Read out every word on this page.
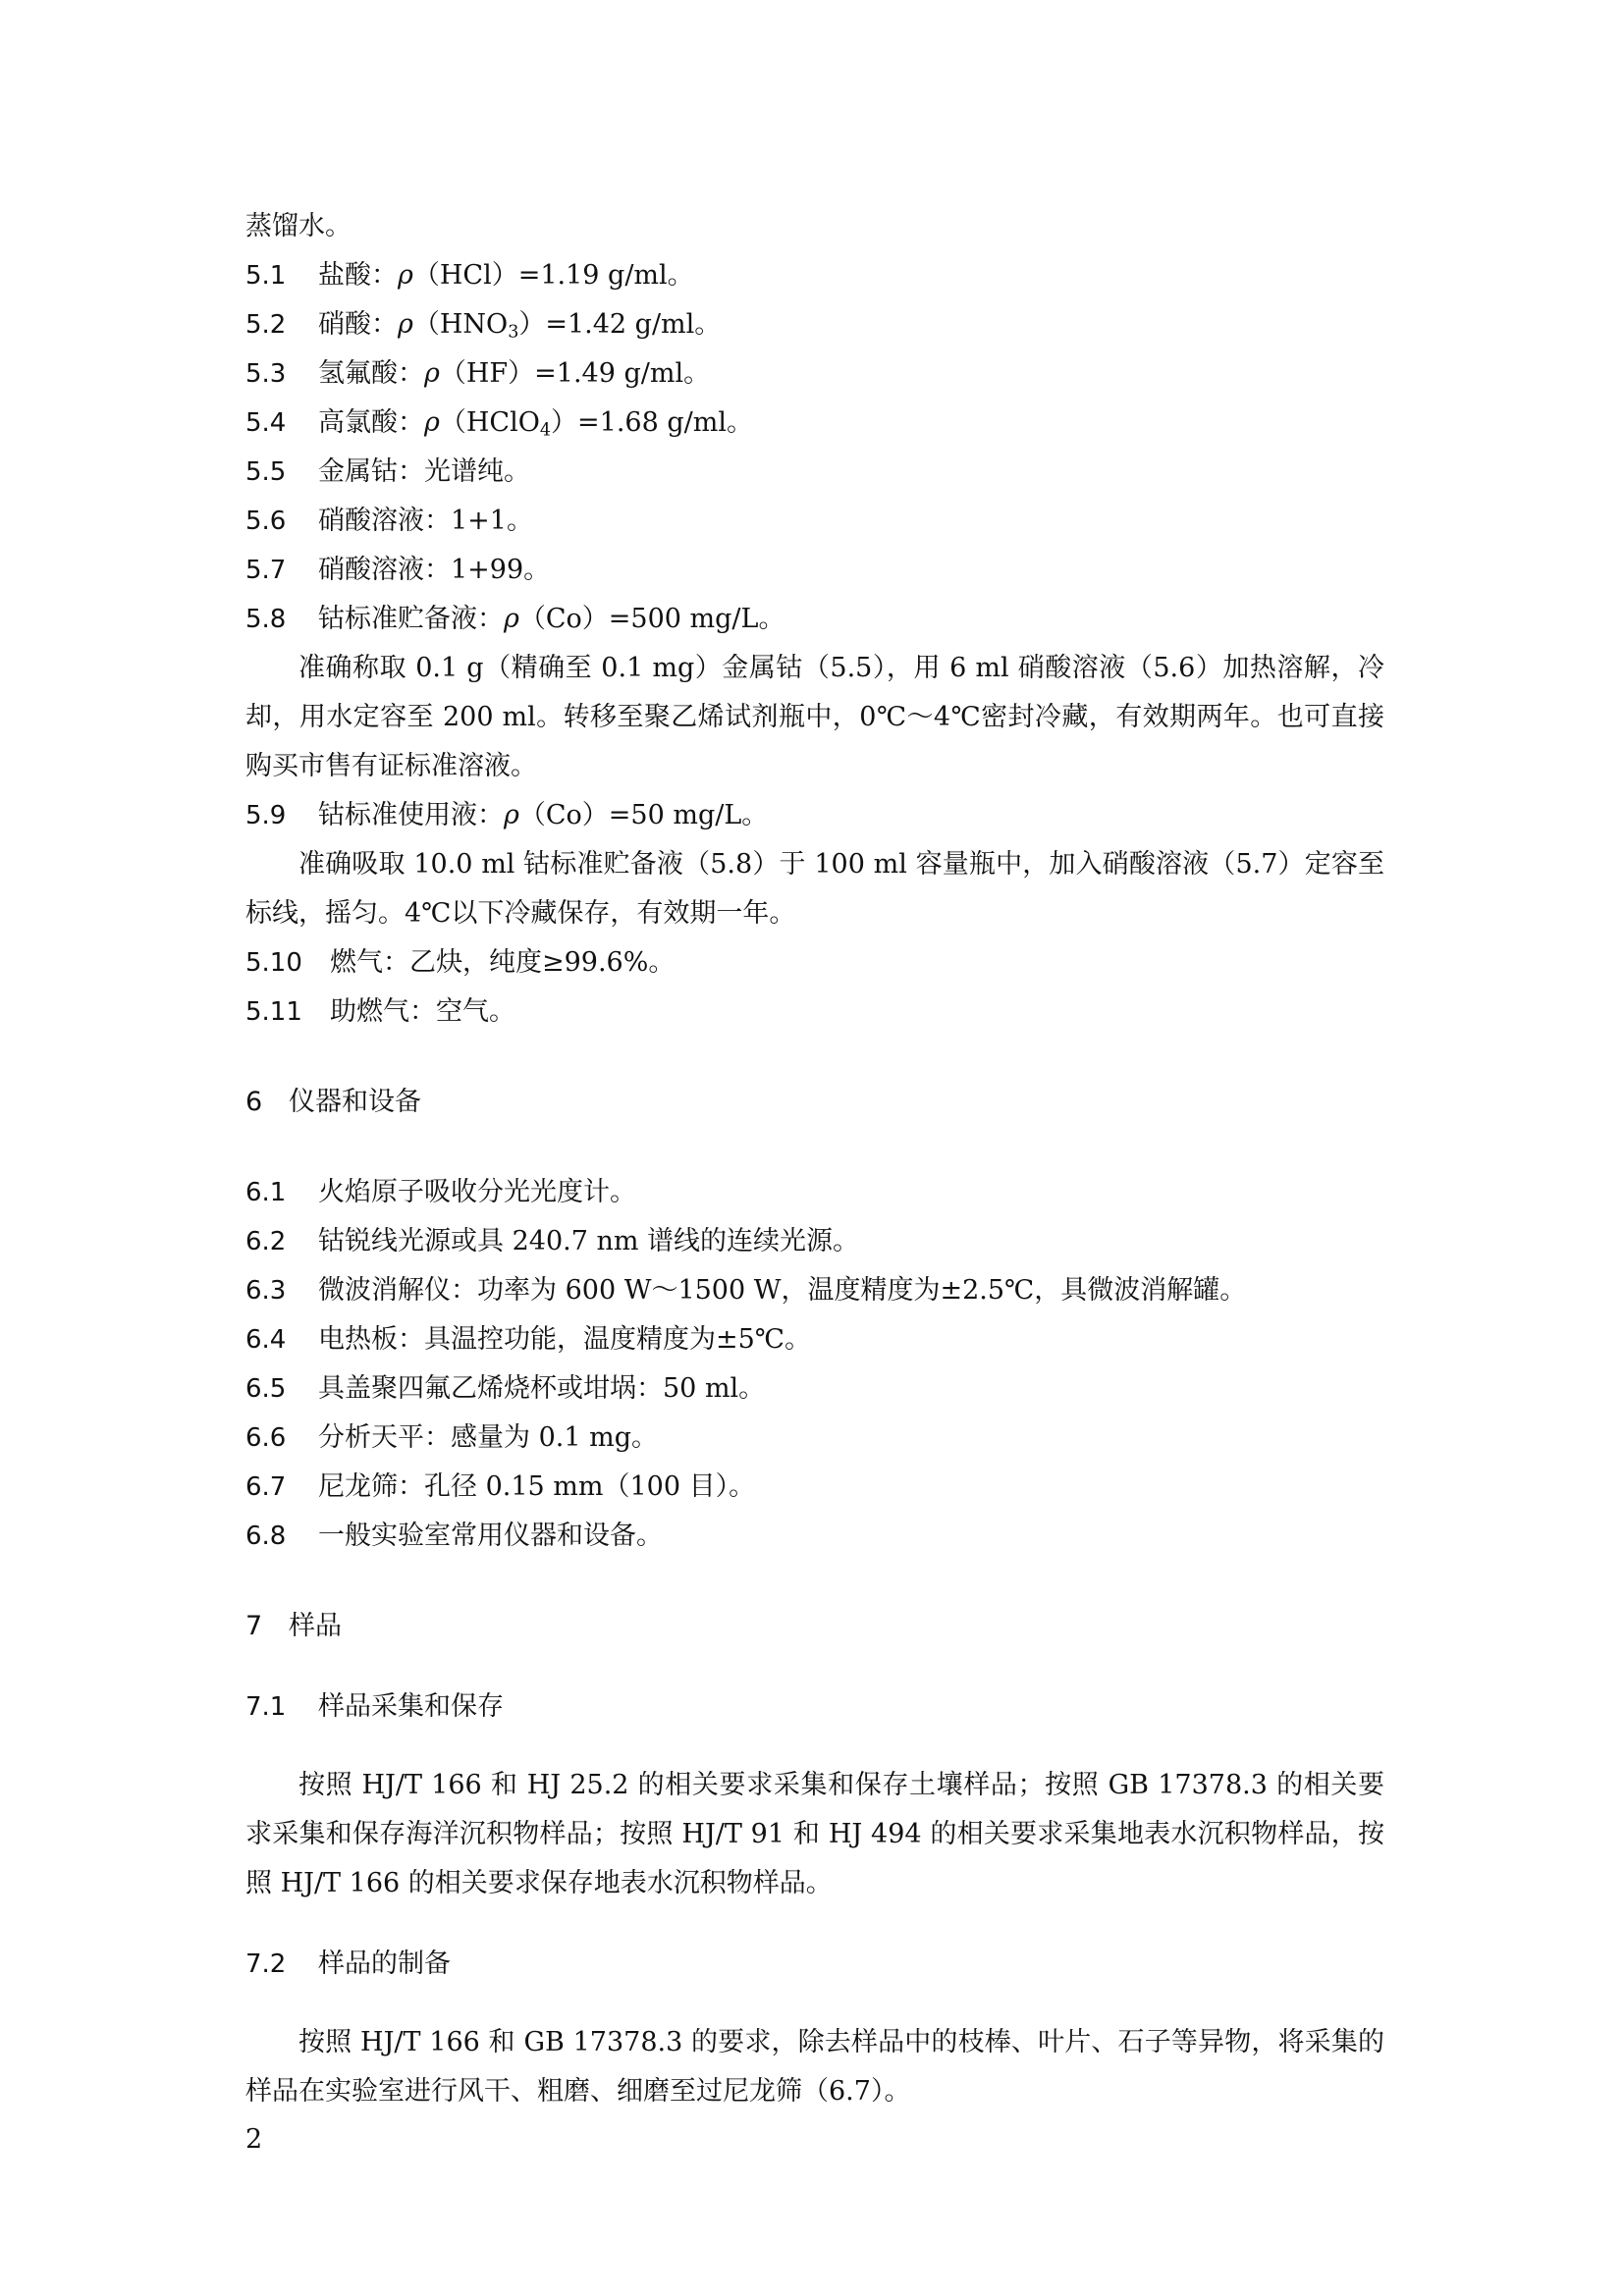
蒸馏水。
5.1 盐酸：ρ（HCl）=1.19 g/ml。
5.2 硝酸：$\rho(HNO_3)=1.42$ g/ml。
5.3 氢氟酸：ρ（HF）=1.49 g/ml。
5.4 高氯酸：ρ（HClO$_4$）=1.68 g/ml。
5.5 金属钴：光谱纯。
5.6 硝酸溶液：1+1。
5.7 硝酸溶液：1+99。
5.8 钴标准贮备液：ρ（Co）=500 mg/L。
准确称取 0.1 g（精确至 0.1 mg）金属钴（5.5），用 6 ml 硝酸溶液（5.6）加热溶解，冷却，用水定容至 200 ml。转移至聚乙烯试剂瓶中，0℃～4℃密封冷藏，有效期两年。也可直接购买市售有证标准溶液。
5.9 钴标准使用液：ρ（Co）=50 mg/L。
准确吸取 10.0 ml 钴标准贮备液（5.8）于 100 ml 容量瓶中，加入硝酸溶液（5.7）定容至标线，摇匀。4℃以下冷藏保存，有效期一年。
5.10 燃气：乙炔，纯度≥99.6%。
5.11 助燃气：空气。
6 仪器和设备
6.1 火焰原子吸收分光光度计。
6.2 钴锐线光源或具 240.7 nm 谱线的连续光源。
6.3 微波消解仪：功率为 600 W～1500 W，温度精度为±2.5℃，具微波消解罐。
6.4 电热板：具温控功能，温度精度为±5℃。
6.5 具盖聚四氟乙烯烧杯或坩埚：50 ml。
6.6 分析天平：感量为 0.1 mg。
6.7 尼龙筛：孔径 0.15 mm（100 目）。
6.8 一般实验室常用仪器和设备。
7 样品
7.1 样品采集和保存
按照 HJ/T 166 和 HJ 25.2 的相关要求采集和保存土壤样品；按照 GB 17378.3 的相关要求采集和保存海洋沉积物样品；按照 HJ/T 91 和 HJ 494 的相关要求采集地表水沉积物样品，按照 HJ/T 166 的相关要求保存地表水沉积物样品。
7.2 样品的制备
按照 HJ/T 166 和 GB 17378.3 的要求，除去样品中的枝棒、叶片、石子等异物，将采集的样品在实验室进行风干、粗磨、细磨至过尼龙筛（6.7）。
2
